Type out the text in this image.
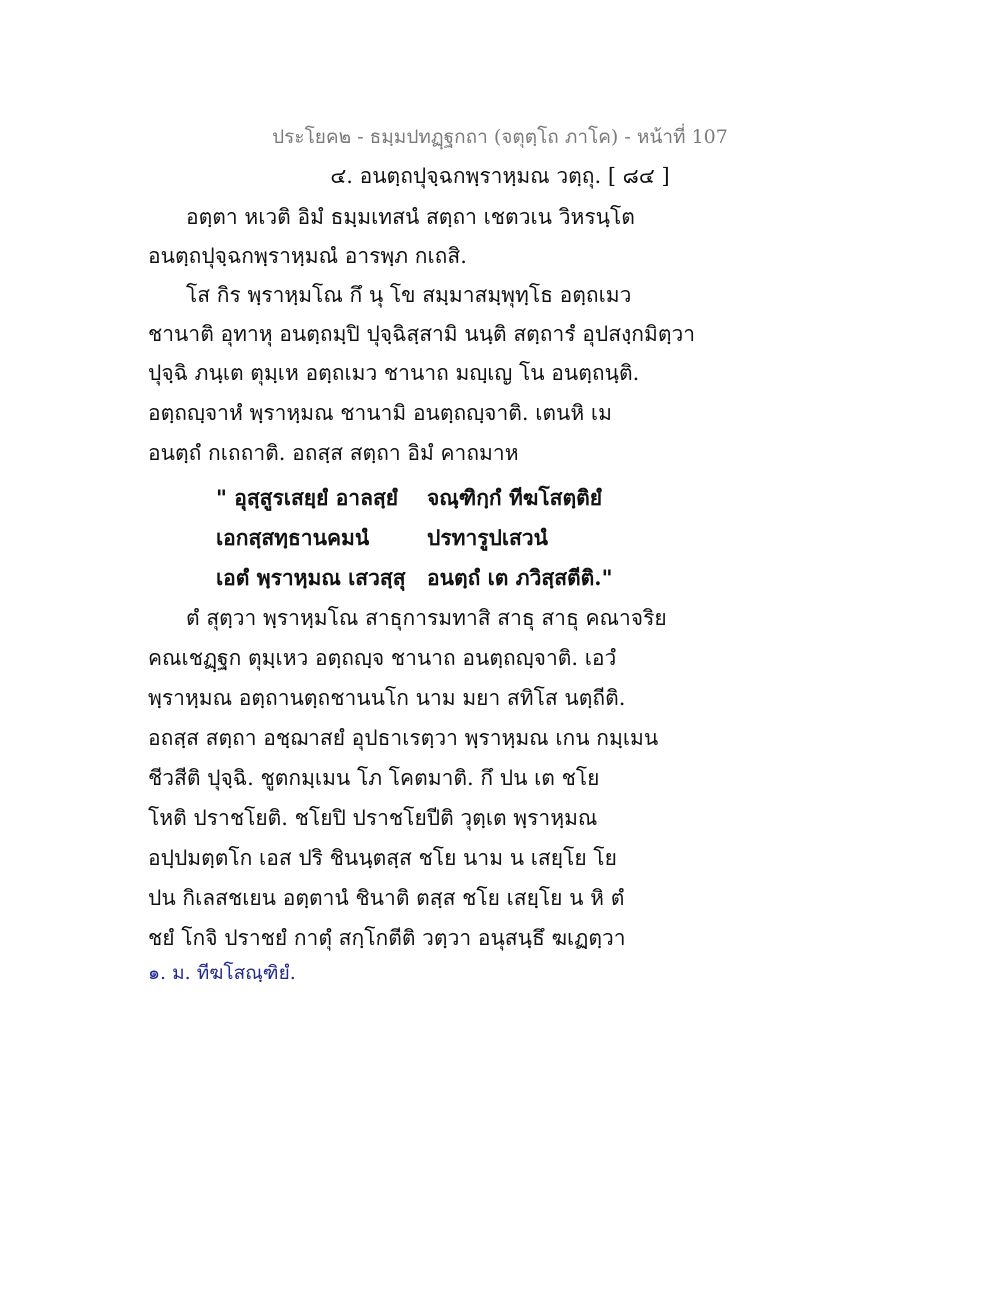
ประโยค๒ - ธมฺมปทฏฺฐกถา (จตุตฺโถ ภาโค) - หน้าที่ 107
๔. อนตฺถปุจฺฉกพฺราหฺมณ วตฺถุ. [ ๘๔ ]
อตฺตา หเวติ อิมํ ธมฺมเทสนํ สตฺถา เชตวเน วิหรนฺโต
อนตฺถปุจฺฉกพฺราหฺมณํ อารพฺภ กเถสิ.
โส กิร พฺราหฺมโณ กึ นุ โข สมฺมาสมฺพุทฺโธ อตฺถเมว
ชานาติ อุทาหุ อนตฺถมฺปิ ปุจฺฉิสฺสามิ นนฺติ สตฺถารํ อุปสงฺกมิตฺวา
ปุจฺฉิ ภนฺเต ตุมฺเห อตฺถเมว ชานาถ มญฺเญ โน อนตฺถนฺติ.
อตฺถญฺจาหํ พฺราหฺมณ ชานามิ อนตฺถญฺจาติ. เตนหิ เม
อนตฺถํ กเถถาติ. อถสฺส สตฺถา อิมํ คาถมาห
" อุสฺสูรเสยฺยํ อาลสฺยํ จณฺฑิกฺกํ ทีฆโสตฺติยํ
เอกสฺสทฺธานคมนํ	ปรทารูปเสวนํ
เอตํ พฺราหฺมณ เสวสฺสุ อนตฺถํ เต ภวิสฺสตีติ."
ตํ สุตฺวา พฺราหฺมโณ สาธุการมทาสิ สาธุ สาธุ คณาจริย
คณเชฏฺฐก ตุมฺเหว อตฺถญฺจ ชานาถ อนตฺถญฺจาติ. เอวํ
พฺราหฺมณ อตฺถานตฺถชานนโก นาม มยา สทิโส นตฺถีติ.
อถสฺส สตฺถา อชฺฌาสยํ อุปธาเรตฺวา พฺราหฺมณ เกน กมฺเมน
ชีวสีติ ปุจฺฉิ. ชูตกมฺเมน โภ โคตมาติ. กึ ปน เต ชโย
โหติ ปราชโยติ. ชโยปิ ปราชโยปีติ วุตฺเต พฺราหฺมณ
อปฺปมตฺตโก เอส ปริ ชินนฺตสฺส ชโย นาม น เสยฺโย โย
ปน กิเลสชเยน อตฺตานํ ชินาติ ตสฺส ชโย เสยฺโย น หิ ตํ
ชยํ โกจิ ปราชยํ กาตุํ สกฺโกตีติ วตฺวา อนุสนฺธึ ฆเฏตฺวา
๑. ม. ทีฆโสณฺฑิยํ.
